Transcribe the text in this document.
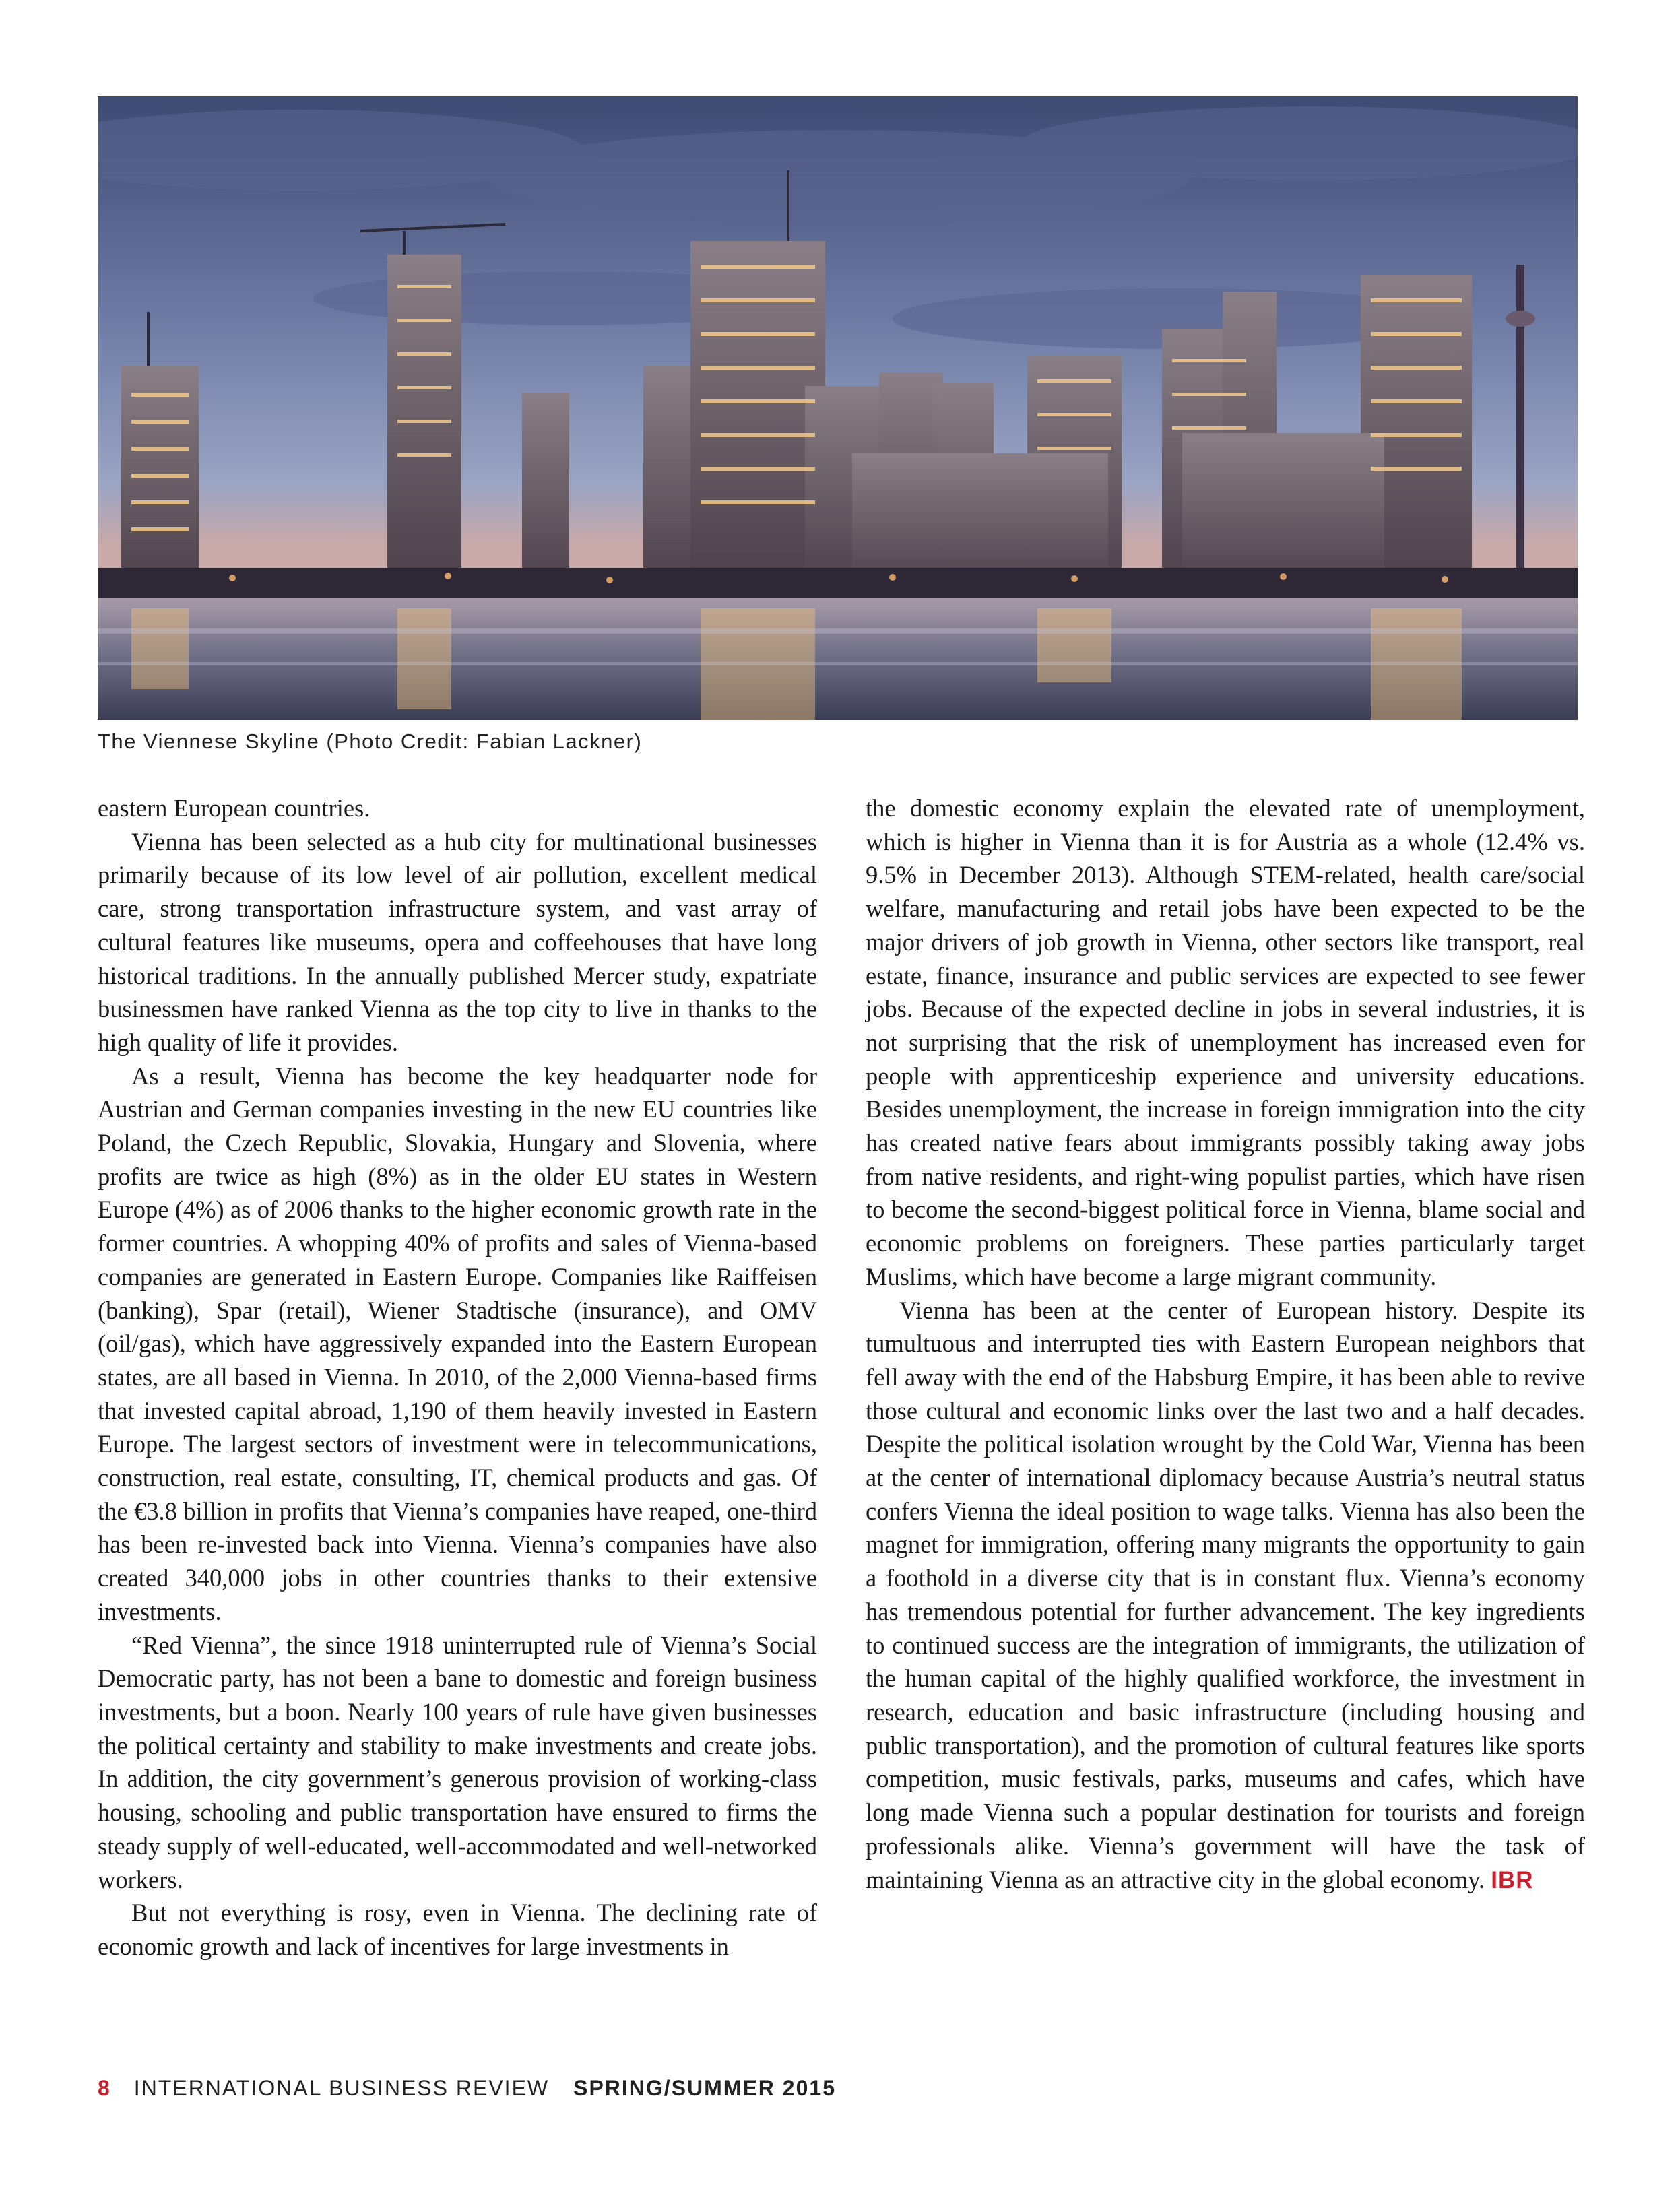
The Viennese Skyline (Photo Credit: Fabian Lackner)

eastern European countries.

Vienna has been selected as a hub city for multinational businesses primarily because of its low level of air pollution, excellent medical care, strong transportation infrastructure system, and vast array of cultural features like museums, opera and coffeehouses that have long historical traditions. In the annually published Mercer study, expatriate businessmen have ranked Vienna as the top city to live in thanks to the high quality of life it provides.

As a result, Vienna has become the key headquarter node for Austrian and German companies investing in the new EU countries like Poland, the Czech Republic, Slovakia, Hungary and Slovenia, where profits are twice as high (8%) as in the older EU states in Western Europe (4%) as of 2006 thanks to the higher economic growth rate in the former countries. A whopping 40% of profits and sales of Vienna-based companies are generated in Eastern Europe. Companies like Raiffeisen (banking), Spar (retail), Wiener Stadtische (insurance), and OMV (oil/gas), which have aggressively expanded into the Eastern European states, are all based in Vienna. In 2010, of the 2,000 Vienna-based firms that invested capital abroad, 1,190 of them heavily invested in Eastern Europe. The largest sectors of investment were in telecommunications, construction, real estate, consulting, IT, chemical products and gas. Of the €3.8 billion in profits that Vienna’s companies have reaped, one-third has been re-invested back into Vienna. Vienna’s companies have also created 340,000 jobs in other countries thanks to their extensive investments.

“Red Vienna”, the since 1918 uninterrupted rule of Vienna’s Social Democratic party, has not been a bane to domestic and foreign business investments, but a boon. Nearly 100 years of rule have given businesses the political certainty and stability to make investments and create jobs. In addition, the city government’s generous provision of working-class housing, schooling and public transportation have ensured to firms the steady supply of well-educated, well-accommodated and well-networked workers.

But not everything is rosy, even in Vienna. The declining rate of economic growth and lack of incentives for large investments in

the domestic economy explain the elevated rate of unemployment, which is higher in Vienna than it is for Austria as a whole (12.4% vs. 9.5% in December 2013). Although STEM-related, health care/social welfare, manufacturing and retail jobs have been expected to be the major drivers of job growth in Vienna, other sectors like transport, real estate, finance, insurance and public services are expected to see fewer jobs. Because of the expected decline in jobs in several industries, it is not surprising that the risk of unemployment has increased even for people with apprenticeship experience and university educations. Besides unemployment, the increase in foreign immigration into the city has created native fears about immigrants possibly taking away jobs from native residents, and right-wing populist parties, which have risen to become the second-biggest political force in Vienna, blame social and economic problems on foreigners. These parties particularly target Muslims, which have become a large migrant community.

Vienna has been at the center of European history. Despite its tumultuous and interrupted ties with Eastern European neighbors that fell away with the end of the Habsburg Empire, it has been able to revive those cultural and economic links over the last two and a half decades. Despite the political isolation wrought by the Cold War, Vienna has been at the center of international diplomacy because Austria’s neutral status confers Vienna the ideal position to wage talks. Vienna has also been the magnet for immigration, offering many migrants the opportunity to gain a foothold in a diverse city that is in constant flux. Vienna’s economy has tremendous potential for further advancement. The key ingredients to continued success are the integration of immigrants, the utilization of the human capital of the highly qualified workforce, the investment in research, education and basic infrastructure (including housing and public transportation), and the promotion of cultural features like sports competition, music festivals, parks, museums and cafes, which have long made Vienna such a popular destination for tourists and foreign professionals alike. Vienna’s government will have the task of maintaining Vienna as an attractive city in the global economy. IBR

8 INTERNATIONAL BUSINESS REVIEW SPRING/SUMMER 2015
